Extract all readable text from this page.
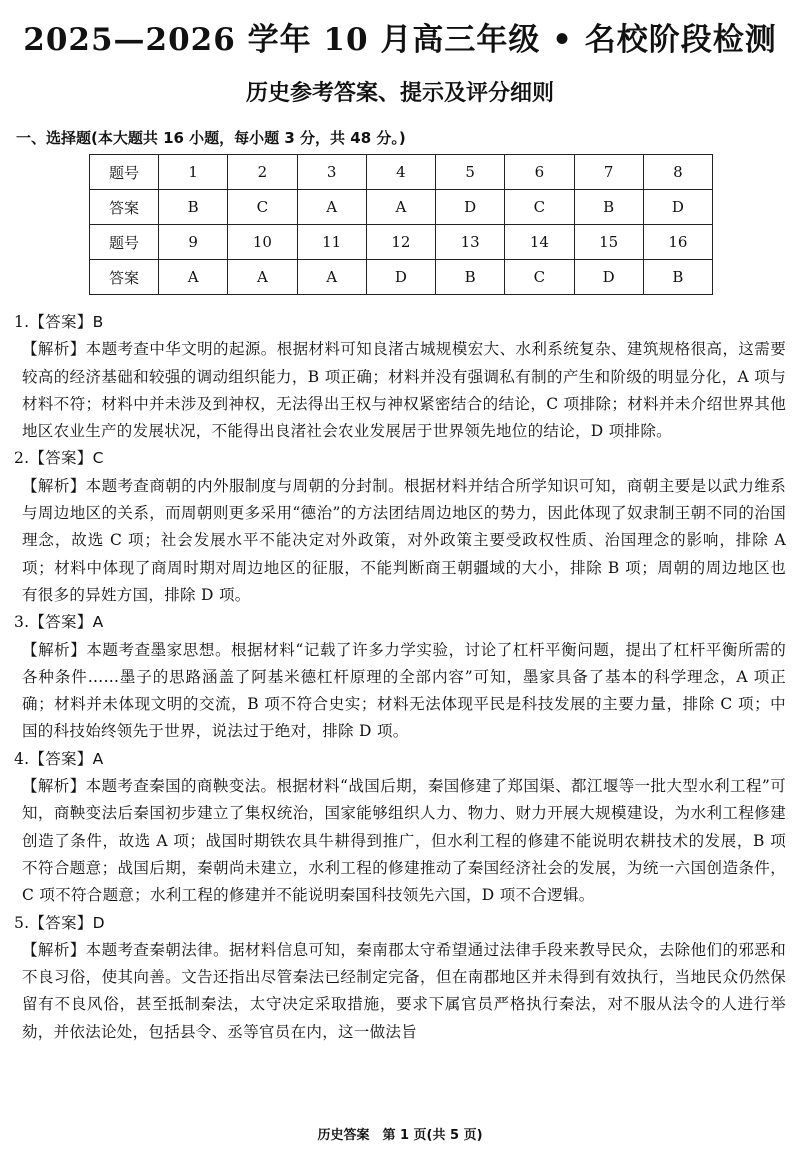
2025—2026 学年 10 月高三年级 • 名校阶段检测
历史参考答案、提示及评分细则
一、选择题(本大题共 16 小题，每小题 3 分，共 48 分。)
题号	1	2	3	4	5	6	7	8
答案	B	C	A	A	D	C	B	D
题号	9	10	11	12	13	14	15	16
答案	A	A	A	D	B	C	D	B
1.【答案】B
【解析】本题考查中华文明的起源。根据材料可知良渚古城规模宏大、水利系统复杂、建筑规格很高，这需要较高的经济基础和较强的调动组织能力，B 项正确；材料并没有强调私有制的产生和阶级的明显分化，A 项与材料不符；材料中并未涉及到神权，无法得出王权与神权紧密结合的结论，C 项排除；材料并未介绍世界其他地区农业生产的发展状况，不能得出良渚社会农业发展居于世界领先地位的结论，D 项排除。
2.【答案】C
【解析】本题考查商朝的内外服制度与周朝的分封制。根据材料并结合所学知识可知，商朝主要是以武力维系与周边地区的关系，而周朝则更多采用“德治”的方法团结周边地区的势力，因此体现了奴隶制王朝不同的治国理念，故选 C 项；社会发展水平不能决定对外政策，对外政策主要受政权性质、治国理念的影响，排除 A 项；材料中体现了商周时期对周边地区的征服，不能判断商王朝疆域的大小，排除 B 项；周朝的周边地区也有很多的异姓方国，排除 D 项。
3.【答案】A
【解析】本题考查墨家思想。根据材料“记载了许多力学实验，讨论了杠杆平衡问题，提出了杠杆平衡所需的各种条件……墨子的思路涵盖了阿基米德杠杆原理的全部内容”可知，墨家具备了基本的科学理念，A 项正确；材料并未体现文明的交流，B 项不符合史实；材料无法体现平民是科技发展的主要力量，排除 C 项；中国的科技始终领先于世界，说法过于绝对，排除 D 项。
4.【答案】A
【解析】本题考查秦国的商鞅变法。根据材料“战国后期，秦国修建了郑国渠、都江堰等一批大型水利工程”可知，商鞅变法后秦国初步建立了集权统治，国家能够组织人力、物力、财力开展大规模建设，为水利工程修建创造了条件，故选 A 项；战国时期铁农具牛耕得到推广，但水利工程的修建不能说明农耕技术的发展，B 项不符合题意；战国后期，秦朝尚未建立，水利工程的修建推动了秦国经济社会的发展，为统一六国创造条件，C 项不符合题意；水利工程的修建并不能说明秦国科技领先六国，D 项不合逻辑。
5.【答案】D
【解析】本题考查秦朝法律。据材料信息可知，秦南郡太守希望通过法律手段来教导民众，去除他们的邪恶和不良习俗，使其向善。文告还指出尽管秦法已经制定完备，但在南郡地区并未得到有效执行，当地民众仍然保留有不良风俗，甚至抵制秦法，太守决定采取措施，要求下属官员严格执行秦法，对不服从法令的人进行举劾，并依法论处，包括县令、丞等官员在内，这一做法旨
历史答案　第 1 页(共 5 页)
